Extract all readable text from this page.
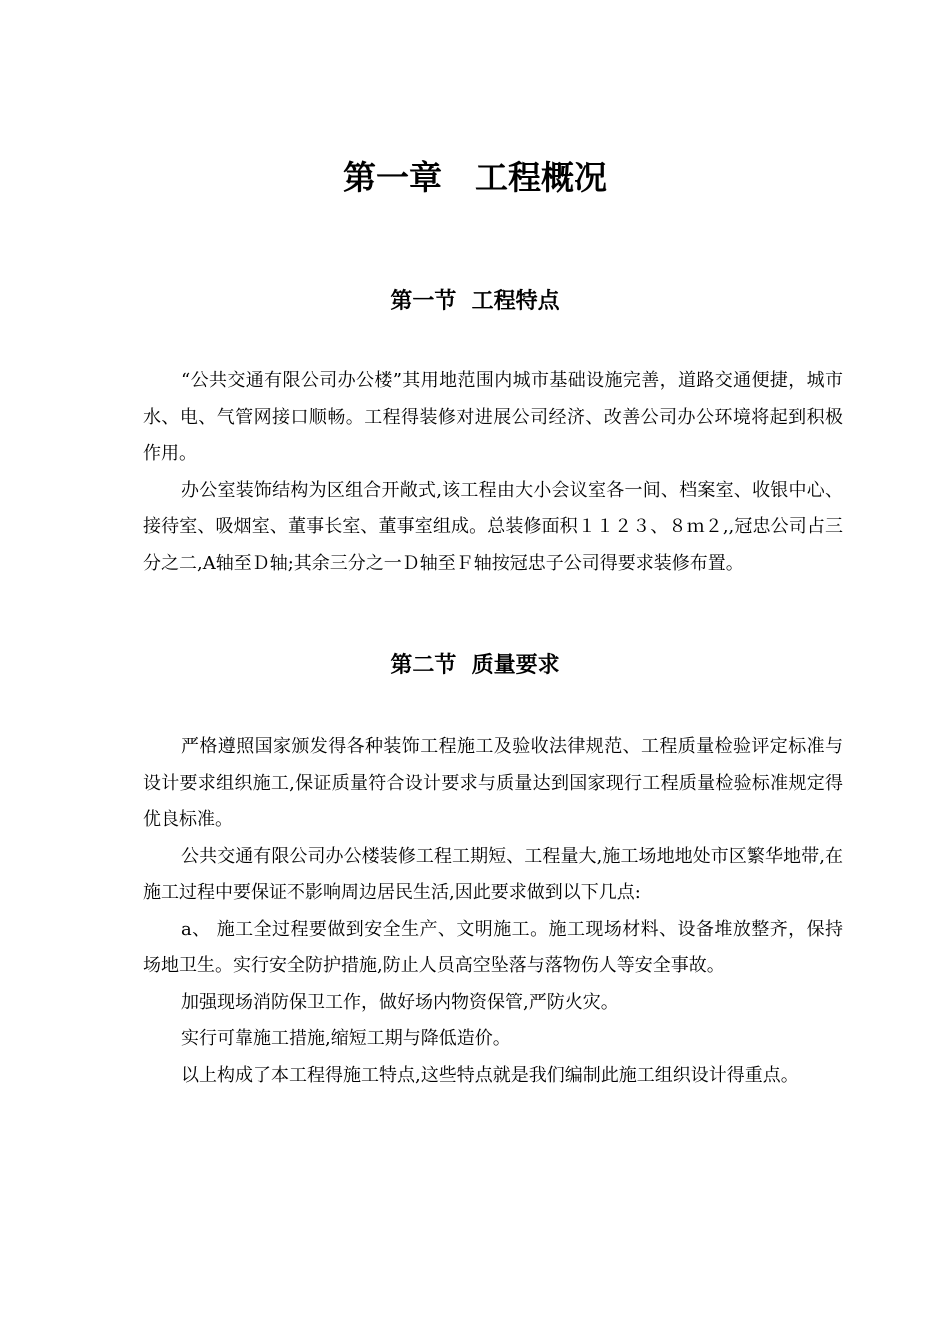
第一章　工程概况
第一节  工程特点

“公共交通有限公司办公楼”其用地范围内城市基础设施完善，道路交通便捷，城市水、电、气管网接口顺畅。工程得装修对进展公司经济、改善公司办公环境将起到积极作用。

办公室装饰结构为区组合开敞式,该工程由大小会议室各一间、档案室、收银中心、接待室、吸烟室、董事长室、董事室组成。总装修面积１１２３、８ｍ２,,冠忠公司占三分之二,A轴至Ｄ轴;其余三分之一Ｄ轴至Ｆ轴按冠忠子公司得要求装修布置。

第二节  质量要求

严格遵照国家颁发得各种装饰工程施工及验收法律规范、工程质量检验评定标准与设计要求组织施工,保证质量符合设计要求与质量达到国家现行工程质量检验标准规定得优良标准。

公共交通有限公司办公楼装修工程工期短、工程量大,施工场地地处市区繁华地带,在施工过程中要保证不影响周边居民生活,因此要求做到以下几点:

a、 施工全过程要做到安全生产、文明施工。施工现场材料、设备堆放整齐，保持场地卫生。实行安全防护措施,防止人员高空坠落与落物伤人等安全事故。

加强现场消防保卫工作，做好场内物资保管,严防火灾。

实行可靠施工措施,缩短工期与降低造价。

以上构成了本工程得施工特点,这些特点就是我们编制此施工组织设计得重点。
